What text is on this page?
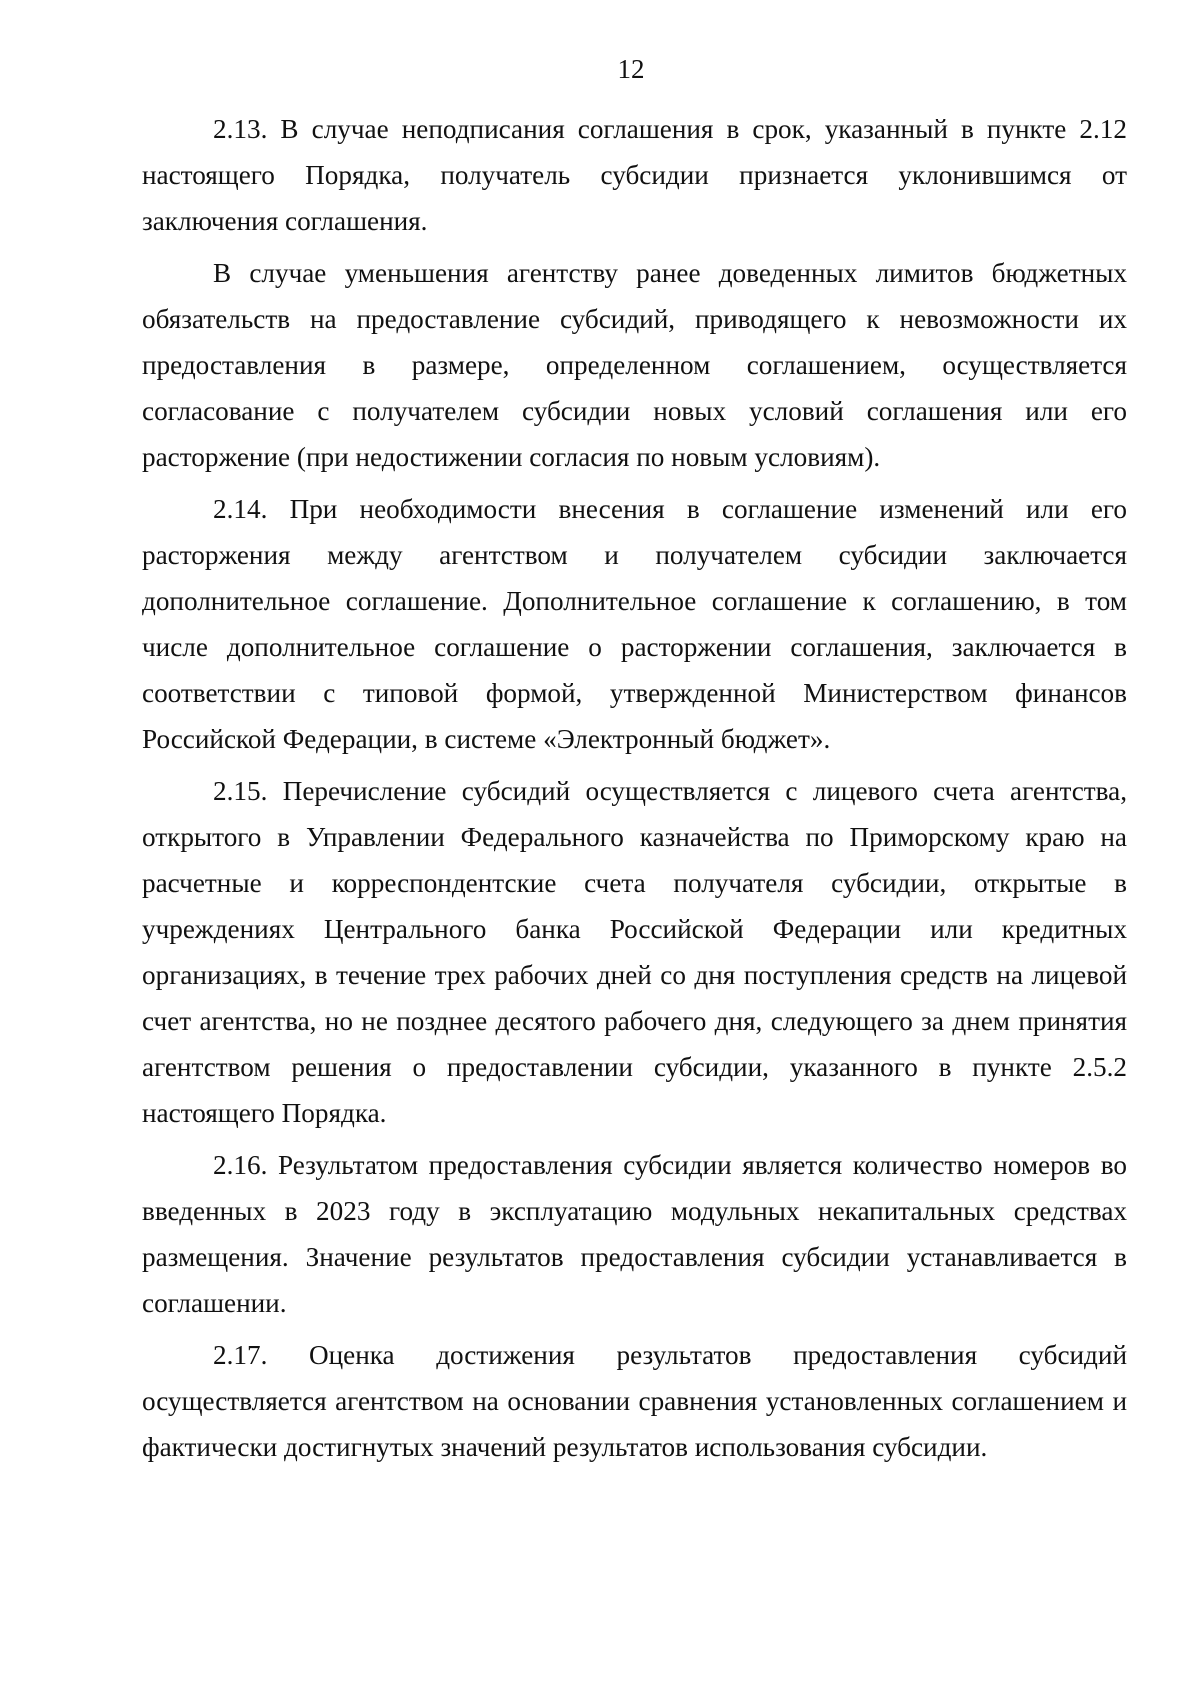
12

2.13. В случае неподписания соглашения в срок, указанный в пункте 2.12 настоящего Порядка, получатель субсидии признается уклонившимся от заключения соглашения.

В случае уменьшения агентству ранее доведенных лимитов бюджетных обязательств на предоставление субсидий, приводящего к невозможности их предоставления в размере, определенном соглашением, осуществляется согласование с получателем субсидии новых условий соглашения или его расторжение (при недостижении согласия по новым условиям).

2.14. При необходимости внесения в соглашение изменений или его расторжения между агентством и получателем субсидии заключается дополнительное соглашение. Дополнительное соглашение к соглашению, в том числе дополнительное соглашение о расторжении соглашения, заключается в соответствии с типовой формой, утвержденной Министерством финансов Российской Федерации, в системе «Электронный бюджет».

2.15. Перечисление субсидий осуществляется с лицевого счета агентства, открытого в Управлении Федерального казначейства по Приморскому краю на расчетные и корреспондентские счета получателя субсидии, открытые в учреждениях Центрального банка Российской Федерации или кредитных организациях, в течение трех рабочих дней со дня поступления средств на лицевой счет агентства, но не позднее десятого рабочего дня, следующего за днем принятия агентством решения о предоставлении субсидии, указанного в пункте 2.5.2 настоящего Порядка.

2.16. Результатом предоставления субсидии является количество номеров во введенных в 2023 году в эксплуатацию модульных некапитальных средствах размещения. Значение результатов предоставления субсидии устанавливается в соглашении.

2.17. Оценка достижения результатов предоставления субсидий осуществляется агентством на основании сравнения установленных соглашением и фактически достигнутых значений результатов использования субсидии.
